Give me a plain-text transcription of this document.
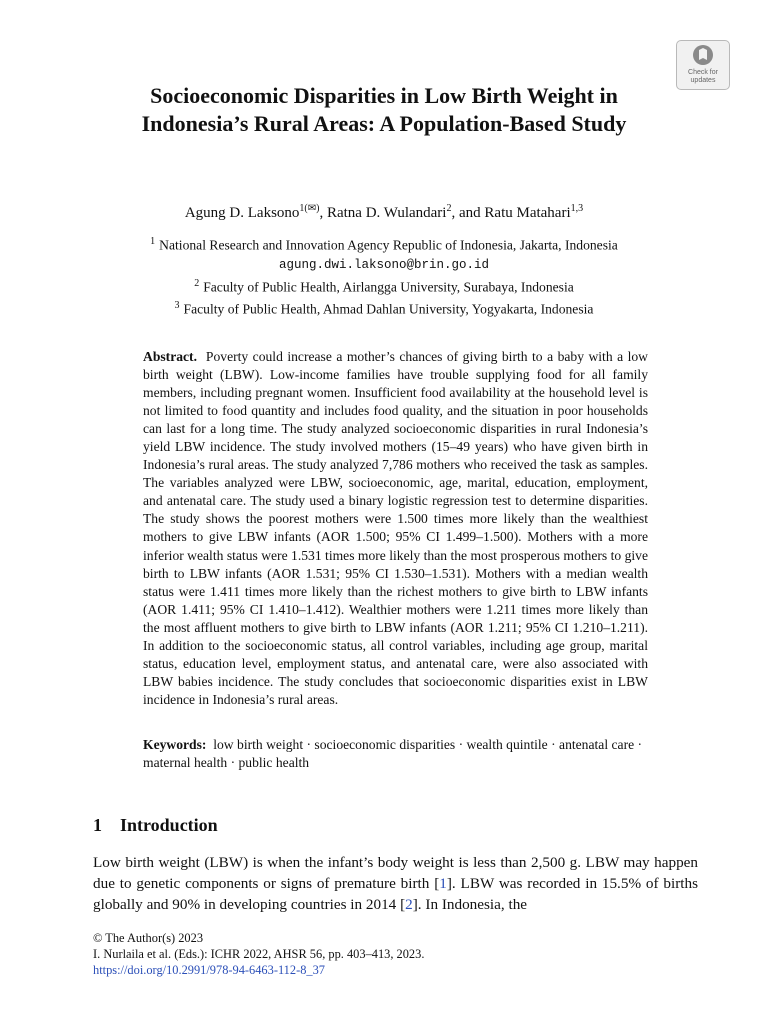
Check for
updates
Socioeconomic Disparities in Low Birth Weight in Indonesia’s Rural Areas: A Population-Based Study
Agung D. Laksono$^{1(✉)}$, Ratna D. Wulandari$^2$, and Ratu Matahari$^{1,3}$
$^1$ National Research and Innovation Agency Republic of Indonesia, Jakarta, Indonesia
agung.dwi.laksono@brin.go.id
$^2$ Faculty of Public Health, Airlangga University, Surabaya, Indonesia
$^3$ Faculty of Public Health, Ahmad Dahlan University, Yogyakarta, Indonesia
Abstract. Poverty could increase a mother’s chances of giving birth to a baby with a low birth weight (LBW). Low-income families have trouble supplying food for all family members, including pregnant women. Insufficient food availability at the household level is not limited to food quantity and includes food quality, and the situation in poor households can last for a long time. The study analyzed socioeconomic disparities in rural Indonesia’s yield LBW incidence. The study involved mothers (15–49 years) who have given birth in Indonesia’s rural areas. The study analyzed 7,786 mothers who received the task as samples. The variables analyzed were LBW, socioeconomic, age, marital, education, employment, and antenatal care. The study used a binary logistic regression test to determine disparities. The study shows the poorest mothers were 1.500 times more likely than the wealthiest mothers to give LBW infants (AOR 1.500; 95% CI 1.499–1.500). Mothers with a more inferior wealth status were 1.531 times more likely than the most prosperous mothers to give birth to LBW infants (AOR 1.531; 95% CI 1.530–1.531). Mothers with a median wealth status were 1.411 times more likely than the richest mothers to give birth to LBW infants (AOR 1.411; 95% CI 1.410–1.412). Wealthier mothers were 1.211 times more likely than the most affluent mothers to give birth to LBW infants (AOR 1.211; 95% CI 1.210–1.211). In addition to the socioeconomic status, all control variables, including age group, marital status, education level, employment status, and antenatal care, were also associated with LBW babies incidence. The study concludes that socioeconomic disparities exist in LBW incidence in Indonesia’s rural areas.
Keywords: low birth weight · socioeconomic disparities · wealth quintile · antenatal care · maternal health · public health
1 Introduction
Low birth weight (LBW) is when the infant’s body weight is less than 2,500 g. LBW may happen due to genetic components or signs of premature birth [1]. LBW was recorded in 15.5% of births globally and 90% in developing countries in 2014 [2]. In Indonesia, the
© The Author(s) 2023
I. Nurlaila et al. (Eds.): ICHR 2022, AHSR 56, pp. 403–413, 2023.
https://doi.org/10.2991/978-94-6463-112-8_37
